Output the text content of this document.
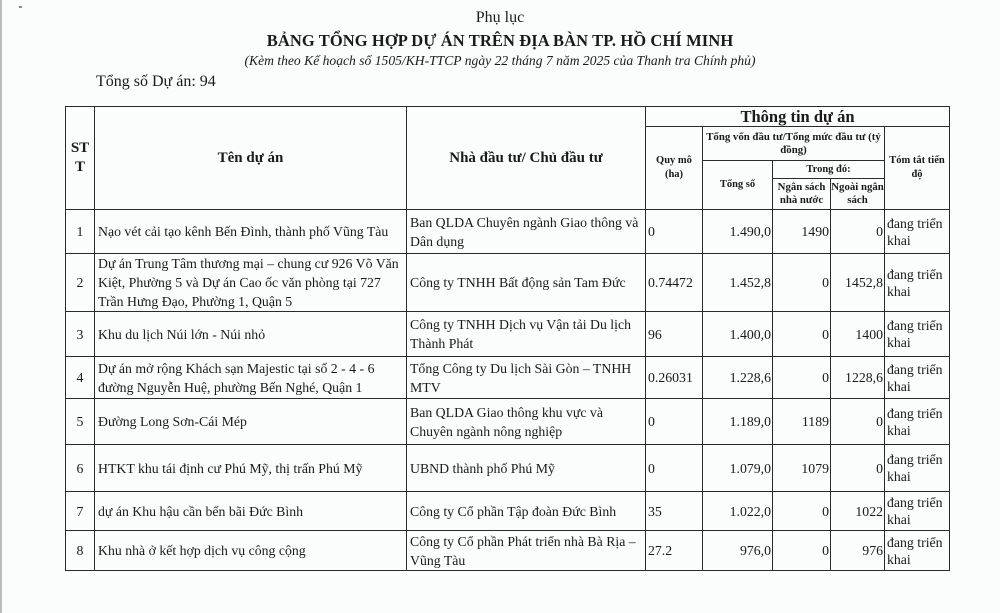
Phụ lục
BẢNG TỔNG HỢP DỰ ÁN TRÊN ĐỊA BÀN TP. HỒ CHÍ MINH
(Kèm theo Kế hoạch số 1505/KH-TTCP ngày 22 tháng 7 năm 2025 của Thanh tra Chính phủ)
Tổng số Dự án: 94
ST T	Tên dự án	Nhà đầu tư/ Chủ đầu tư	Thông tin dự án				
			Quy mô (ha)	Tổng vốn đầu tư/Tổng mức đầu tư (tỷ đồng)			Tóm tắt tiến độ
				Tổng số	Trong đó:		
					Ngân sách nhà nước	Ngoài ngân sách	
1	Nạo vét cải tạo kênh Bến Đình, thành phố Vũng Tàu	Ban QLDA Chuyên ngành Giao thông và Dân dụng	0	1.490,0	1490	0	đang triển khai
2	Dự án Trung Tâm thương mại – chung cư 926 Võ Văn Kiệt, Phường 5 và Dự án Cao ốc văn phòng tại 727 Trần Hưng Đạo, Phường 1, Quận 5	Công ty TNHH Bất động sản Tam Đức	0.74472	1.452,8	0	1452,8	đang triển khai
3	Khu du lịch Núi lớn - Núi nhỏ	Công ty TNHH Dịch vụ Vận tải Du lịch Thành Phát	96	1.400,0	0	1400	đang triển khai
4	Dự án mở rộng Khách sạn Majestic tại số 2 - 4 - 6 đường Nguyễn Huệ, phường Bến Nghé, Quận 1	Tổng Công ty Du lịch Sài Gòn – TNHH MTV	0.26031	1.228,6	0	1228,6	đang triển khai
5	Đường Long Sơn-Cái Mép	Ban QLDA Giao thông khu vực và Chuyên ngành nông nghiệp	0	1.189,0	1189	0	đang triển khai
6	HTKT khu tái định cư Phú Mỹ, thị trấn Phú Mỹ	UBND thành phố Phú Mỹ	0	1.079,0	1079	0	đang triển khai
7	dự án Khu hậu cần bến bãi Đức Bình	Công ty Cổ phần Tập đoàn Đức Bình	35	1.022,0	0	1022	đang triển khai
8	Khu nhà ở kết hợp dịch vụ công cộng	Công ty Cổ phần Phát triển nhà Bà Rịa – Vũng Tàu	27.2	976,0	0	976	đang triển khai
